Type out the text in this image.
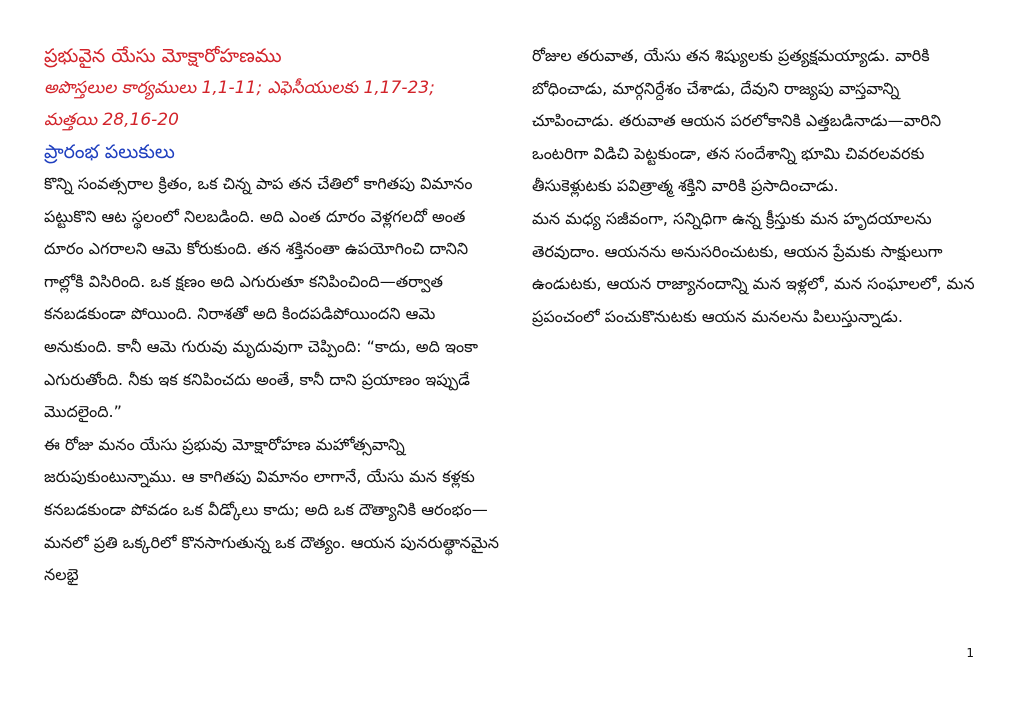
ప్రభువైన యేసు మోక్షారోహణము

అపొస్తలుల కార్యములు 1,1-11; ఎఫెసీయులకు 1,17-23;

మత్తయి 28,16-20

ప్రారంభ పలుకులు

కొన్ని సంవత్సరాల క్రితం, ఒక చిన్న పాప తన చేతిలో కాగితపు విమానం పట్టుకొని ఆట స్థలంలో నిలబడింది. అది ఎంత దూరం వెళ్లగలదో అంత దూరం ఎగరాలని ఆమె కోరుకుంది. తన శక్తినంతా ఉపయోగించి దానిని గాల్లోకి విసిరింది. ఒక క్షణం అది ఎగురుతూ కనిపించింది—తర్వాత కనబడకుండా పోయింది. నిరాశతో అది కిందపడిపోయిందని ఆమె అనుకుంది. కానీ ఆమె గురువు మృదువుగా చెప్పింది: “కాదు, అది ఇంకా ఎగురుతోంది. నీకు ఇక కనిపించదు అంతే, కానీ దాని ప్రయాణం ఇప్పుడే మొదలైంది.”

ఈ రోజు మనం యేసు ప్రభువు మోక్షారోహణ మహోత్సవాన్ని జరుపుకుంటున్నాము. ఆ కాగితపు విమానం లాగానే, యేసు మన కళ్లకు కనబడకుండా పోవడం ఒక వీడ్కోలు కాదు; అది ఒక దౌత్యానికి ఆరంభం—మనలో ప్రతి ఒక్కరిలో కొనసాగుతున్న ఒక దౌత్యం. ఆయన పునరుత్థానమైన నలభై

రోజుల తరువాత, యేసు తన శిష్యులకు ప్రత్యక్షమయ్యాడు. వారికి బోధించాడు, మార్గనిర్దేశం చేశాడు, దేవుని రాజ్యపు వాస్తవాన్ని చూపించాడు. తరువాత ఆయన పరలోకానికి ఎత్తబడినాడు—వారిని ఒంటరిగా విడిచి పెట్టకుండా, తన సందేశాన్ని భూమి చివరలవరకు తీసుకెళ్లుటకు పవిత్రాత్మ శక్తిని వారికి ప్రసాదించాడు.

మన మధ్య సజీవంగా, సన్నిధిగా ఉన్న క్రీస్తుకు మన హృదయాలను తెరవుదాం. ఆయనను అనుసరించుటకు, ఆయన ప్రేమకు సాక్షులుగా ఉండుటకు, ఆయన రాజ్యానందాన్ని మన ఇళ్లలో, మన సంఘాలలో, మన ప్రపంచంలో పంచుకొనుటకు ఆయన మనలను పిలుస్తున్నాడు.

1
